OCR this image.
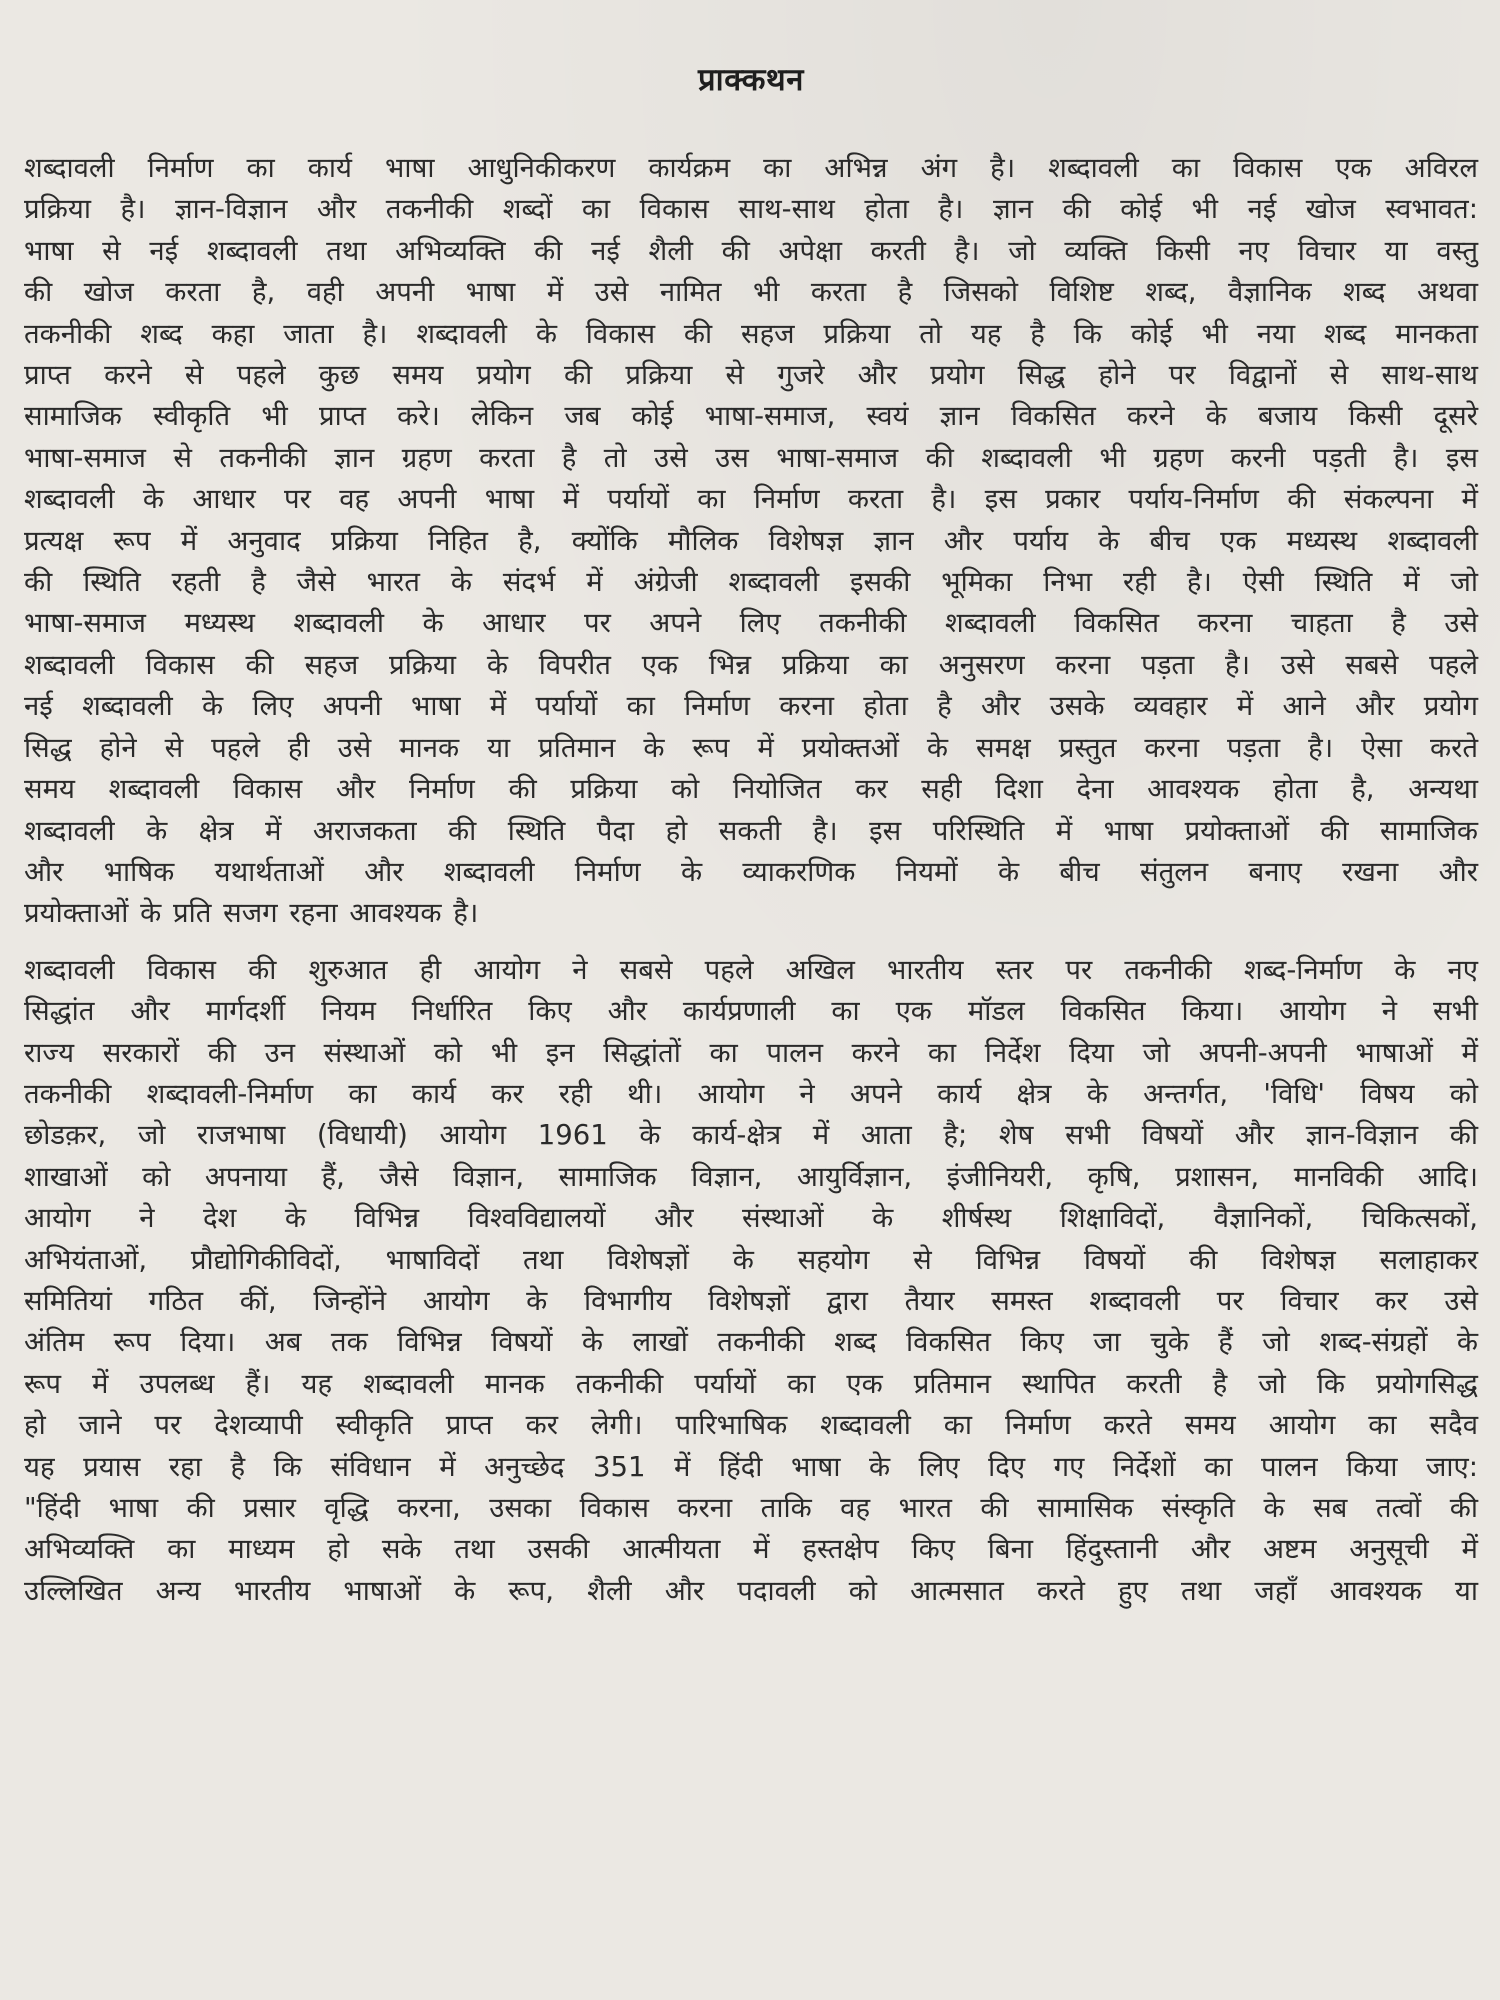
प्राक्कथन

शब्दावली निर्माण का कार्य भाषा आधुनिकीकरण कार्यक्रम का अभिन्न अंग है। शब्दावली का विकास एक अविरल
प्रक्रिया है। ज्ञान-विज्ञान और तकनीकी शब्दों का विकास साथ-साथ होता है। ज्ञान की कोई भी नई खोज स्वभावत:
भाषा से नई शब्दावली तथा अभिव्यक्ति की नई शैली की अपेक्षा करती है। जो व्यक्ति किसी नए विचार या वस्तु
की खोज करता है, वही अपनी भाषा में उसे नामित भी करता है जिसको विशिष्ट शब्द, वैज्ञानिक शब्द अथवा
तकनीकी शब्द कहा जाता है। शब्दावली के विकास की सहज प्रक्रिया तो यह है कि कोई भी नया शब्द मानकता
प्राप्त करने से पहले कुछ समय प्रयोग की प्रक्रिया से गुजरे और प्रयोग सिद्ध होने पर विद्वानों से साथ-साथ
सामाजिक स्वीकृति भी प्राप्त करे। लेकिन जब कोई भाषा-समाज, स्वयं ज्ञान विकसित करने के बजाय किसी दूसरे
भाषा-समाज से तकनीकी ज्ञान ग्रहण करता है तो उसे उस भाषा-समाज की शब्दावली भी ग्रहण करनी पड़ती है। इस
शब्दावली के आधार पर वह अपनी भाषा में पर्यायों का निर्माण करता है। इस प्रकार पर्याय-निर्माण की संकल्पना में
प्रत्यक्ष रूप में अनुवाद प्रक्रिया निहित है, क्योंकि मौलिक विशेषज्ञ ज्ञान और पर्याय के बीच एक मध्यस्थ शब्दावली
की स्थिति रहती है जैसे भारत के संदर्भ में अंग्रेजी शब्दावली इसकी भूमिका निभा रही है। ऐसी स्थिति में जो
भाषा-समाज मध्यस्थ शब्दावली के आधार पर अपने लिए तकनीकी शब्दावली विकसित करना चाहता है उसे
शब्दावली विकास की सहज प्रक्रिया के विपरीत एक भिन्न प्रक्रिया का अनुसरण करना पड़ता है। उसे सबसे पहले
नई शब्दावली के लिए अपनी भाषा में पर्यायों का निर्माण करना होता है और उसके व्यवहार में आने और प्रयोग
सिद्ध होने से पहले ही उसे मानक या प्रतिमान के रूप में प्रयोक्तओं के समक्ष प्रस्तुत करना पड़ता है। ऐसा करते
समय शब्दावली विकास और निर्माण की प्रक्रिया को नियोजित कर सही दिशा देना आवश्यक होता है, अन्यथा
शब्दावली के क्षेत्र में अराजकता की स्थिति पैदा हो सकती है। इस परिस्थिति में भाषा प्रयोक्ताओं की सामाजिक
और भाषिक यथार्थताओं और शब्दावली निर्माण के व्याकरणिक नियमों के बीच संतुलन बनाए रखना और
प्रयोक्ताओं के प्रति सजग रहना आवश्यक है।

शब्दावली विकास की शुरुआत ही आयोग ने सबसे पहले अखिल भारतीय स्तर पर तकनीकी शब्द-निर्माण के नए
सिद्धांत और मार्गदर्शी नियम निर्धारित किए और कार्यप्रणाली का एक मॉडल विकसित किया। आयोग ने सभी
राज्य सरकारों की उन संस्थाओं को भी इन सिद्धांतों का पालन करने का निर्देश दिया जो अपनी-अपनी भाषाओं में
तकनीकी शब्दावली-निर्माण का कार्य कर रही थी। आयोग ने अपने कार्य क्षेत्र के अन्तर्गत, 'विधि' विषय को
छोडक़र, जो राजभाषा (विधायी) आयोग 1961 के कार्य-क्षेत्र में आता है; शेष सभी विषयों और ज्ञान-विज्ञान की
शाखाओं को अपनाया हैं, जैसे विज्ञान, सामाजिक विज्ञान, आयुर्विज्ञान, इंजीनियरी, कृषि, प्रशासन, मानविकी आदि।
आयोग ने देश के विभिन्न विश्वविद्यालयों और संस्थाओं के शीर्षस्थ शिक्षाविदों, वैज्ञानिकों, चिकित्सकों,
अभियंताओं, प्रौद्योगिकीविदों, भाषाविदों तथा विशेषज्ञों के सहयोग से विभिन्न विषयों की विशेषज्ञ सलाहाकर
समितियां गठित कीं, जिन्होंने आयोग के विभागीय विशेषज्ञों द्वारा तैयार समस्त शब्दावली पर विचार कर उसे
अंतिम रूप दिया। अब तक विभिन्न विषयों के लाखों तकनीकी शब्द विकसित किए जा चुके हैं जो शब्द-संग्रहों के
रूप में उपलब्ध हैं। यह शब्दावली मानक तकनीकी पर्यायों का एक प्रतिमान स्थापित करती है जो कि प्रयोगसिद्ध
हो जाने पर देशव्यापी स्वीकृति प्राप्त कर लेगी। पारिभाषिक शब्दावली का निर्माण करते समय आयोग का सदैव
यह प्रयास रहा है कि संविधान में अनुच्छेद 351 में हिंदी भाषा के लिए दिए गए निर्देशों का पालन किया जाए:
"हिंदी भाषा की प्रसार वृद्धि करना, उसका विकास करना ताकि वह भारत की सामासिक संस्कृति के सब तत्वों की
अभिव्यक्ति का माध्यम हो सके तथा उसकी आत्मीयता में हस्तक्षेप किए बिना हिंदुस्तानी और अष्टम अनुसूची में
उल्लिखित अन्य भारतीय भाषाओं के रूप, शैली और पदावली को आत्मसात करते हुए तथा जहाँ आवश्यक या
